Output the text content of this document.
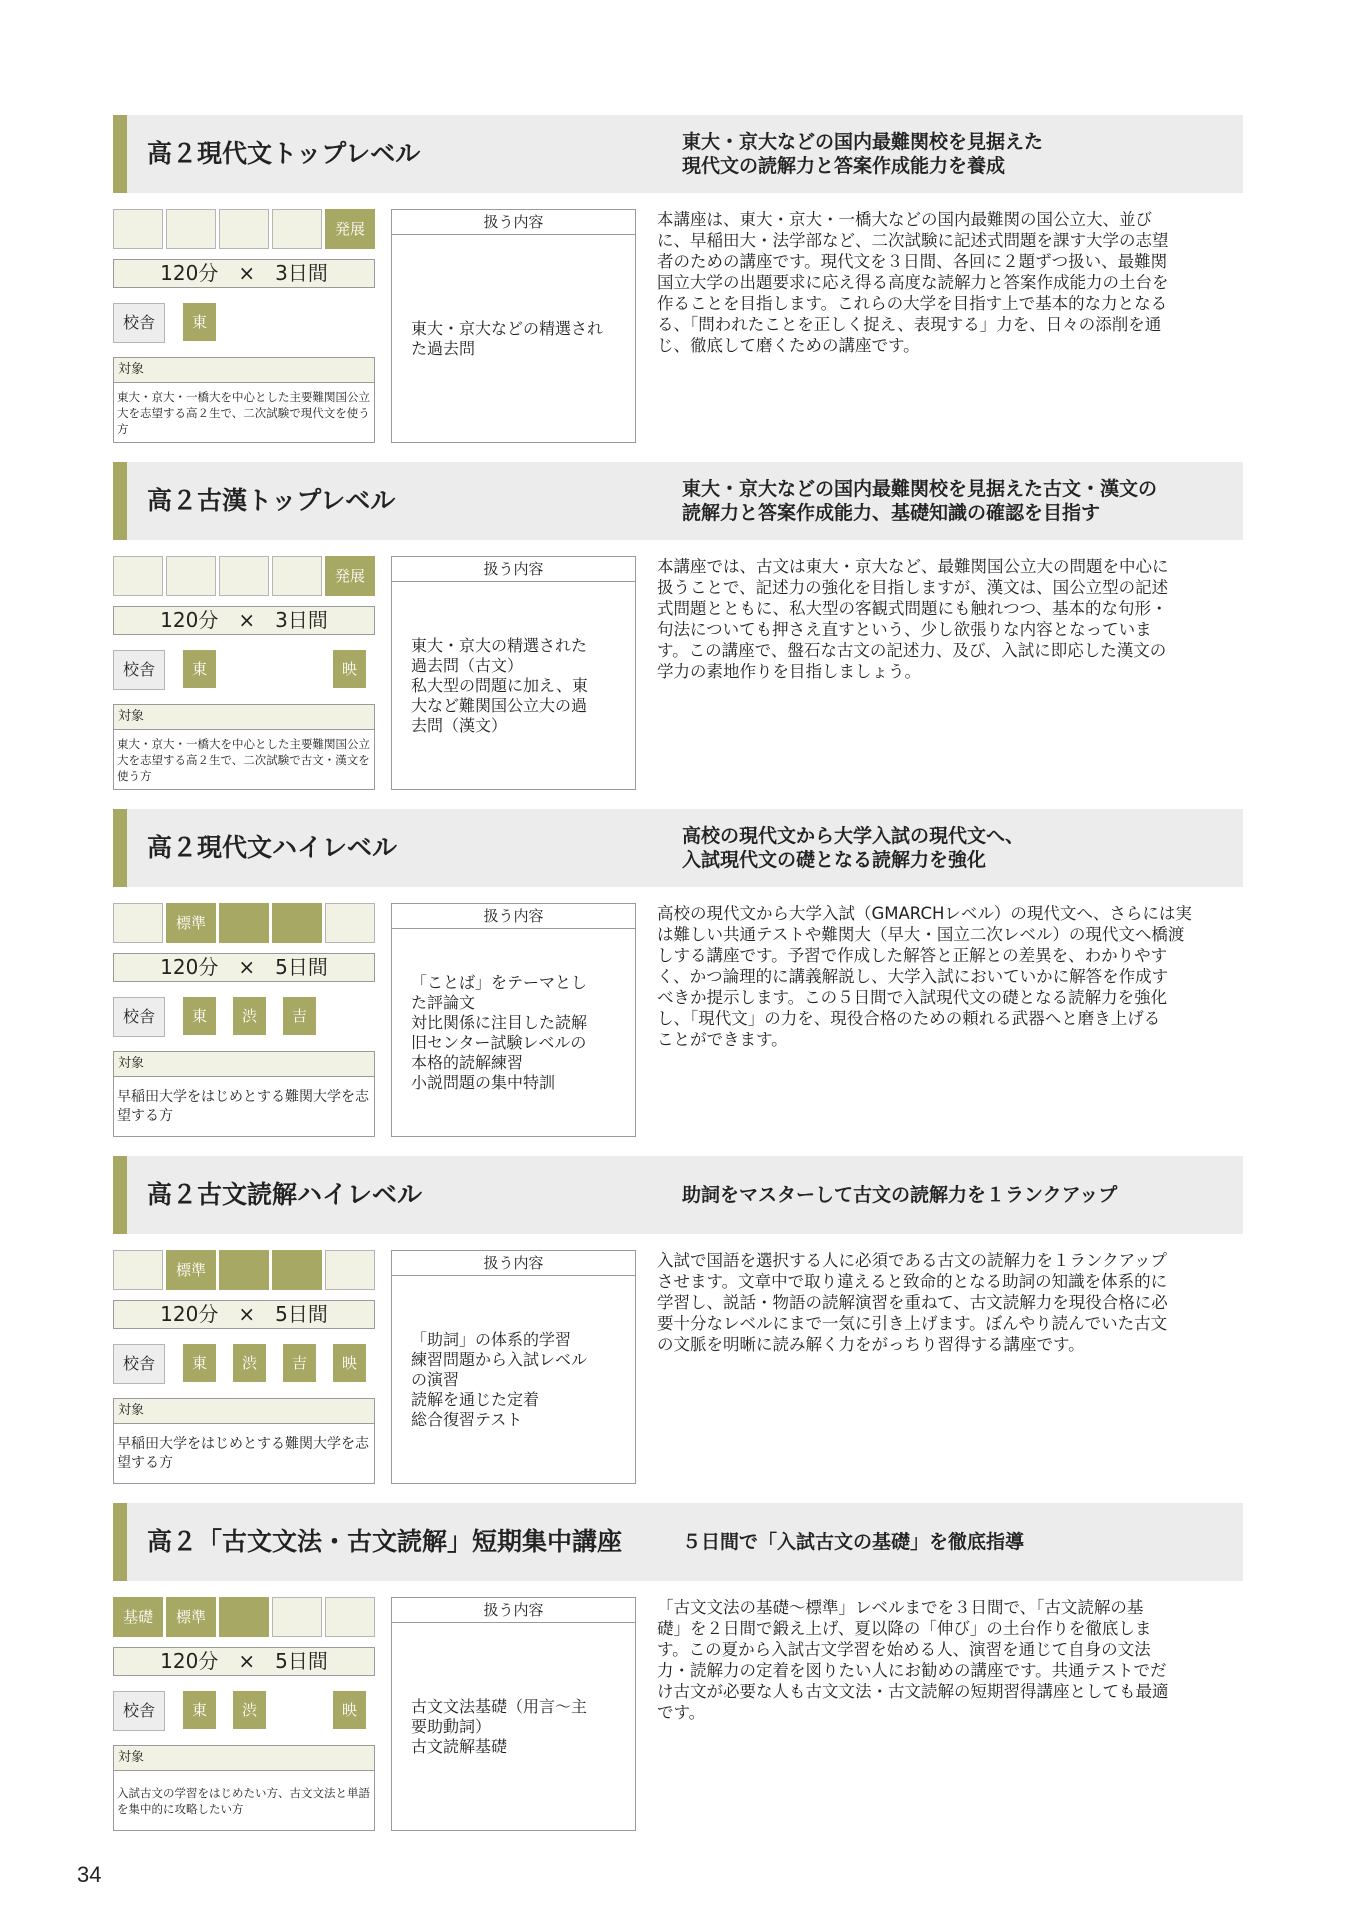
高２現代文トップレベル	東大・京大などの国内最難関校を見据えた
現代文の読解力と答案作成能力を養成
発展
120分　×　3日間
校舎	東
対象
東大・京大・一橋大を中心とした主要難関国公立大を志望する高２生で、二次試験で現代文を使う方
扱う内容
東大・京大などの精選された過去問
本講座は、東大・京大・一橋大などの国内最難関の国公立大、並び
に、早稲田大・法学部など、二次試験に記述式問題を課す大学の志望
者のための講座です。現代文を３日間、各回に２題ずつ扱い、最難関
国立大学の出題要求に応え得る高度な読解力と答案作成能力の土台を
作ることを目指します。これらの大学を目指す上で基本的な力となる
る、「問われたことを正しく捉え、表現する」力を、日々の添削を通
じ、徹底して磨くための講座です。
高２古漢トップレベル	東大・京大などの国内最難関校を見据えた古文・漢文の
読解力と答案作成能力、基礎知識の確認を目指す
発展
120分　×　3日間
校舎	東	映
対象
東大・京大・一橋大を中心とした主要難関国公立大を志望する高２生で、二次試験で古文・漢文を使う方
扱う内容
東大・京大の精選された
過去問（古文）
私大型の問題に加え、東
大など難関国公立大の過
去問（漢文）
本講座では、古文は東大・京大など、最難関国公立大の問題を中心に
扱うことで、記述力の強化を目指しますが、漢文は、国公立型の記述
式問題とともに、私大型の客観式問題にも触れつつ、基本的な句形・
句法についても押さえ直すという、少し欲張りな内容となっていま
す。この講座で、盤石な古文の記述力、及び、入試に即応した漢文の
学力の素地作りを目指しましょう。
高２現代文ハイレベル	高校の現代文から大学入試の現代文へ、
入試現代文の礎となる読解力を強化
標準
120分　×　5日間
校舎	東	渋	吉
対象
早稲田大学をはじめとする難関大学を志望する方
扱う内容
「ことば」をテーマとし
た評論文
対比関係に注目した読解
旧センター試験レベルの
本格的読解練習
小説問題の集中特訓
高校の現代文から大学入試（GMARCHレベル）の現代文へ、さらには実
は難しい共通テストや難関大（早大・国立二次レベル）の現代文へ橋渡
しする講座です。予習で作成した解答と正解との差異を、わかりやす
く、かつ論理的に講義解説し、大学入試においていかに解答を作成す
べきか提示します。この５日間で入試現代文の礎となる読解力を強化
し、「現代文」の力を、現役合格のための頼れる武器へと磨き上げる
ことができます。
高２古文読解ハイレベル	助詞をマスターして古文の読解力を１ランクアップ
標準
120分　×　5日間
校舎	東	渋	吉	映
対象
早稲田大学をはじめとする難関大学を志望する方
扱う内容
「助詞」の体系的学習
練習問題から入試レベル
の演習
読解を通じた定着
総合復習テスト
入試で国語を選択する人に必須である古文の読解力を１ランクアップ
させます。文章中で取り違えると致命的となる助詞の知識を体系的に
学習し、説話・物語の読解演習を重ねて、古文読解力を現役合格に必
要十分なレベルにまで一気に引き上げます。ぼんやり読んでいた古文
の文脈を明晰に読み解く力をがっちり習得する講座です。
高２「古文文法・古文読解」短期集中講座	５日間で「入試古文の基礎」を徹底指導
基礎	標準
120分　×　5日間
校舎	東	渋	映
対象
入試古文の学習をはじめたい方、古文文法と単語を集中的に攻略したい方
扱う内容
古文文法基礎（用言～主
要助動詞）
古文読解基礎
「古文文法の基礎～標準」レベルまでを３日間で、「古文読解の基
礎」を２日間で鍛え上げ、夏以降の「伸び」の土台作りを徹底しま
す。この夏から入試古文学習を始める人、演習を通じて自身の文法
力・読解力の定着を図りたい人にお勧めの講座です。共通テストでだ
け古文が必要な人も古文文法・古文読解の短期習得講座としても最適
です。
34
